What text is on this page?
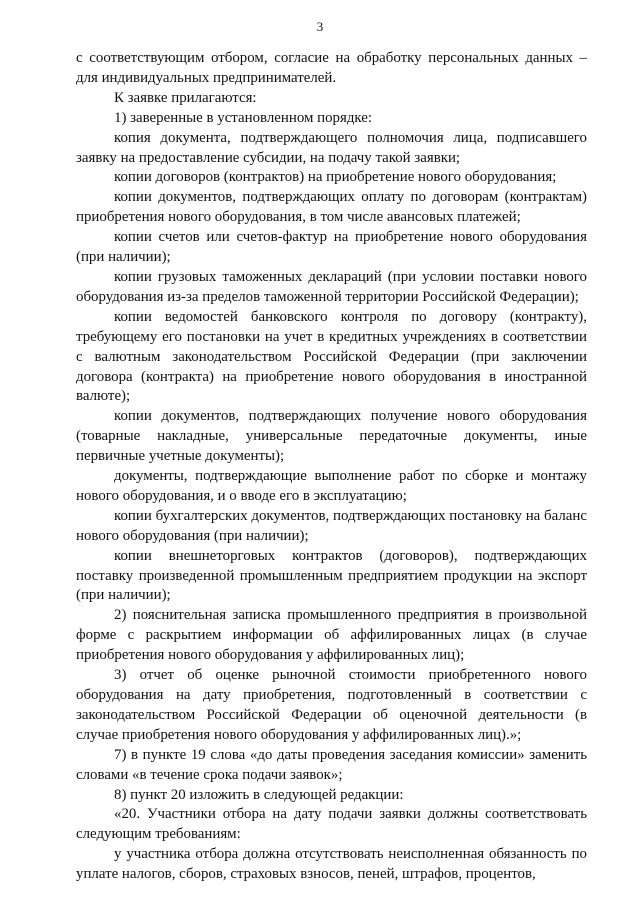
3

с соответствующим отбором, согласие на обработку персональных данных – для индивидуальных предпринимателей.

К заявке прилагаются:

1) заверенные в установленном порядке:

копия документа, подтверждающего полномочия лица, подписавшего заявку на предоставление субсидии, на подачу такой заявки;

копии договоров (контрактов) на приобретение нового оборудования;

копии документов, подтверждающих оплату по договорам (контрактам) приобретения нового оборудования, в том числе авансовых платежей;

копии счетов или счетов-фактур на приобретение нового оборудования (при наличии);

копии грузовых таможенных деклараций (при условии поставки нового оборудования из-за пределов таможенной территории Российской Федерации);

копии ведомостей банковского контроля по договору (контракту), требующему его постановки на учет в кредитных учреждениях в соответствии с валютным законодательством Российской Федерации (при заключении договора (контракта) на приобретение нового оборудования в иностранной валюте);

копии документов, подтверждающих получение нового оборудования (товарные накладные, универсальные передаточные документы, иные первичные учетные документы);

документы, подтверждающие выполнение работ по сборке и монтажу нового оборудования, и о вводе его в эксплуатацию;

копии бухгалтерских документов, подтверждающих постановку на баланс нового оборудования (при наличии);

копии внешнеторговых контрактов (договоров), подтверждающих поставку произведенной промышленным предприятием продукции на экспорт (при наличии);

2) пояснительная записка промышленного предприятия в произвольной форме с раскрытием информации об аффилированных лицах (в случае приобретения нового оборудования у аффилированных лиц);

3) отчет об оценке рыночной стоимости приобретенного нового оборудования на дату приобретения, подготовленный в соответствии с законодательством Российской Федерации об оценочной деятельности (в случае приобретения нового оборудования у аффилированных лиц).»;

7) в пункте 19 слова «до даты проведения заседания комиссии» заменить словами «в течение срока подачи заявок»;

8) пункт 20 изложить в следующей редакции:

«20. Участники отбора на дату подачи заявки должны соответствовать следующим требованиям:

у участника отбора должна отсутствовать неисполненная обязанность по уплате налогов, сборов, страховых взносов, пеней, штрафов, процентов,
